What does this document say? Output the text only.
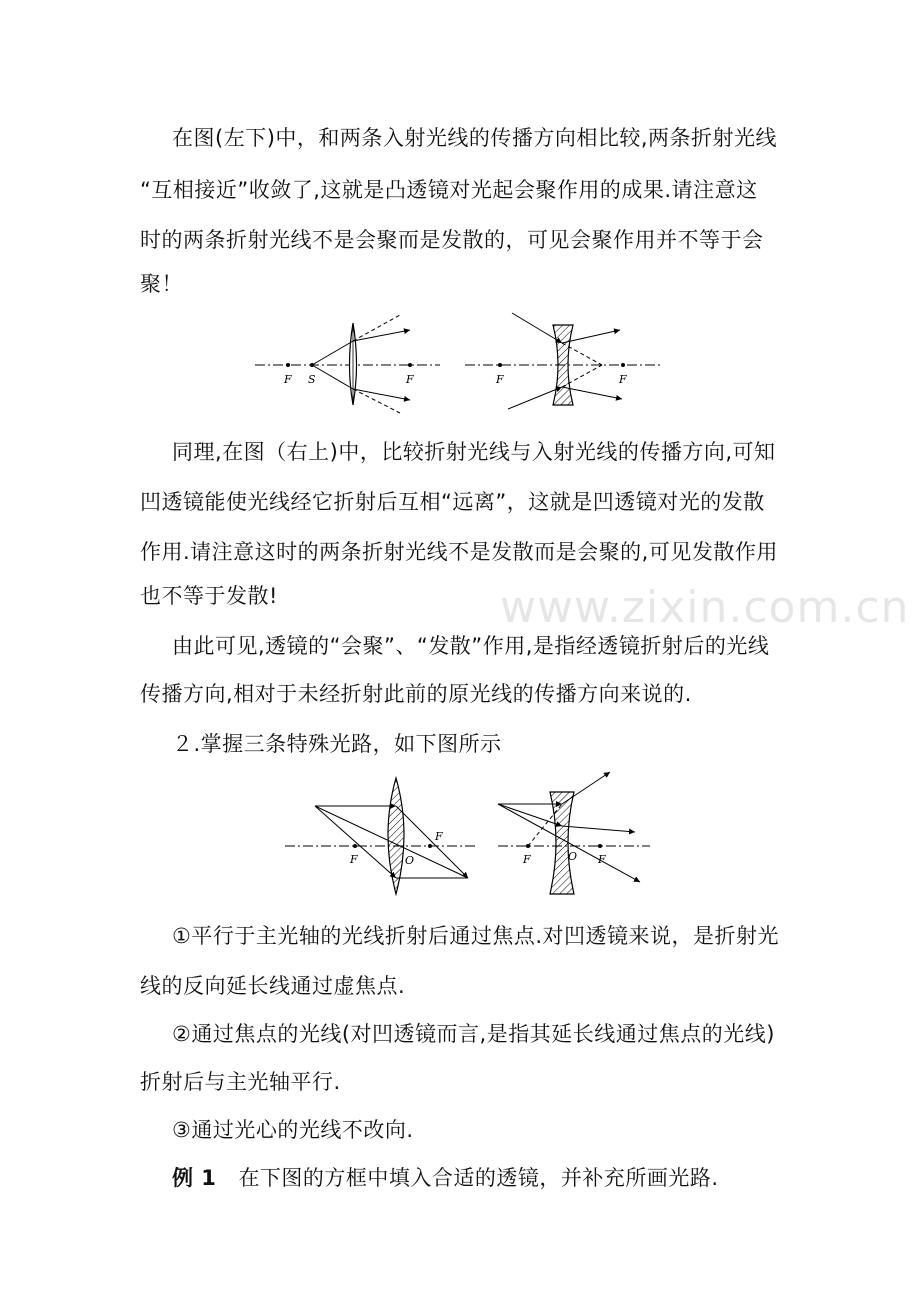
www.zixin.com.cn
在图(左下)中，和两条入射光线的传播方向相比较,两条折射光线
“互相接近”收敛了,这就是凸透镜对光起会聚作用的成果.请注意这
时的两条折射光线不是会聚而是发散的，可见会聚作用并不等于会
聚！
F S	F	F	F
同理,在图（右上)中，比较折射光线与入射光线的传播方向,可知
凹透镜能使光线经它折射后互相“远离”，这就是凹透镜对光的发散
作用.请注意这时的两条折射光线不是发散而是会聚的,可见发散作用
也不等于发散!
由此可见,透镜的“会聚”、“发散”作用,是指经透镜折射后的光线
传播方向,相对于未经折射此前的原光线的传播方向来说的.
２.掌握三条特殊光路，如下图所示
F
F
O	F	O F
①平行于主光轴的光线折射后通过焦点.对凹透镜来说，是折射光
线的反向延长线通过虚焦点.
②通过焦点的光线(对凹透镜而言,是指其延长线通过焦点的光线)
折射后与主光轴平行.
③通过光心的光线不改向.
例 1 在下图的方框中填入合适的透镜，并补充所画光路.
